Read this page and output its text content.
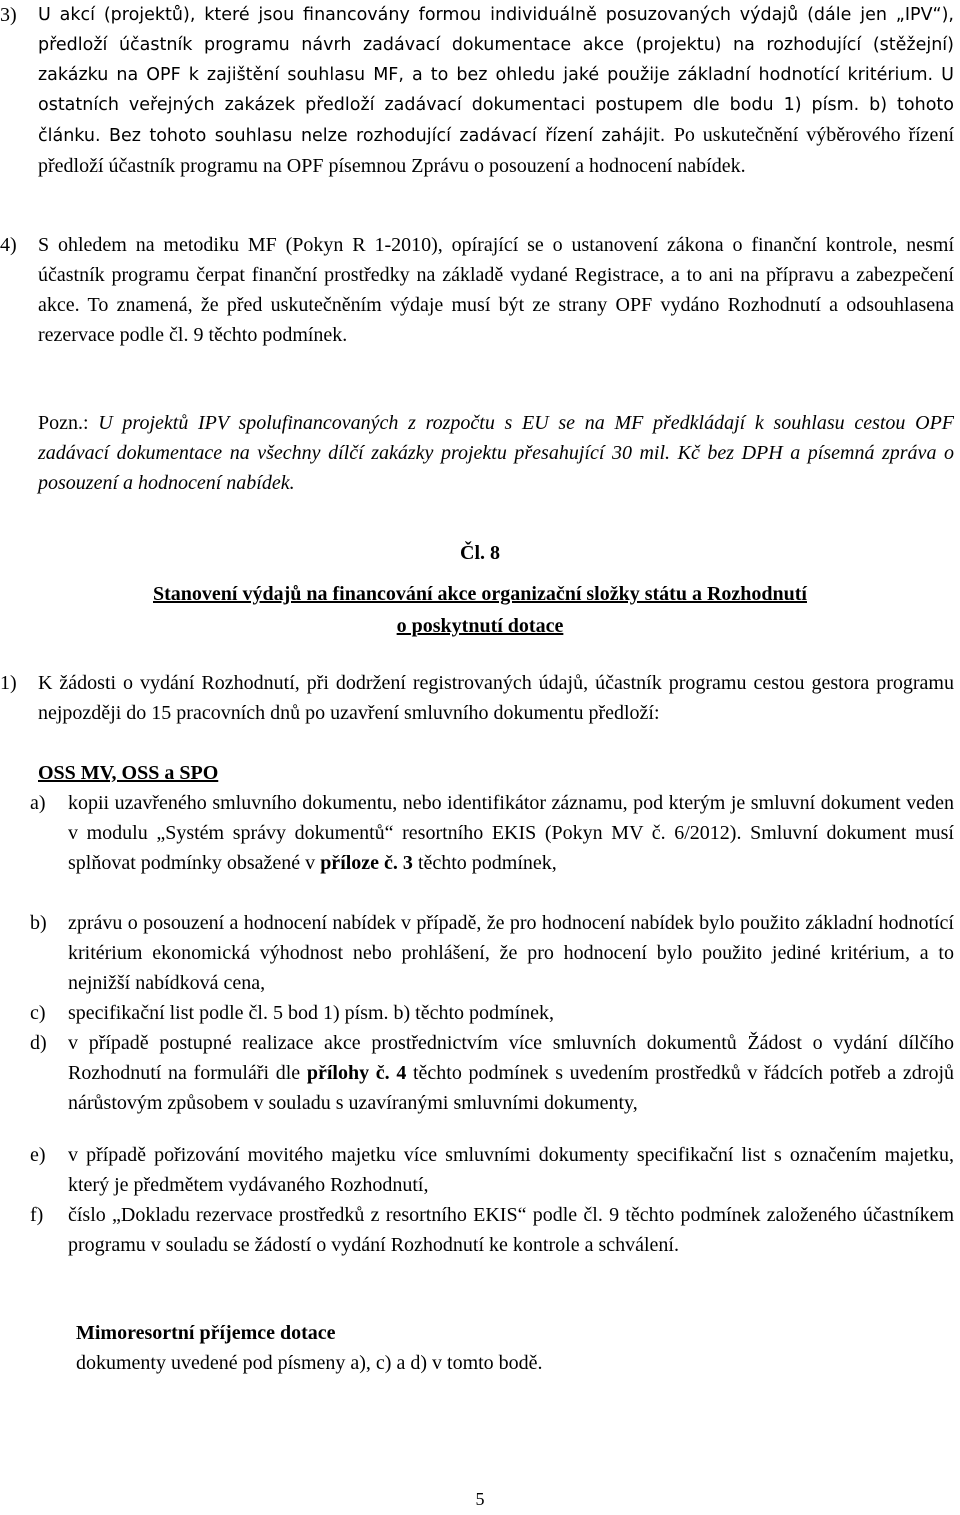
3)	U akcí (projektů), které jsou financovány formou individuálně posuzovaných výdajů (dále jen „IPV“), předloží účastník programu návrh zadávací dokumentace akce (projektu) na rozhodující (stěžejní) zakázku na OPF k zajištění souhlasu MF, a to bez ohledu jaké použije základní hodnotící kritérium. U ostatních veřejných zakázek předloží zadávací dokumentaci postupem dle bodu 1) písm. b) tohoto článku. Bez tohoto souhlasu nelze rozhodující zadávací řízení zahájit. Po uskutečnění výběrového řízení předloží účastník programu na OPF písemnou Zprávu o posouzení a hodnocení nabídek.
4)	S ohledem na metodiku MF (Pokyn R 1-2010), opírající se o ustanovení zákona o finanční kontrole, nesmí účastník programu čerpat finanční prostředky na základě vydané Registrace, a to ani na přípravu a zabezpečení akce. To znamená, že před uskutečněním výdaje musí být ze strany OPF vydáno Rozhodnutí a odsouhlasena rezervace podle čl. 9 těchto podmínek.
Pozn.: U projektů IPV spolufinancovaných z rozpočtu s EU se na MF předkládají k souhlasu cestou OPF zadávací dokumentace na všechny dílčí zakázky projektu přesahující 30 mil. Kč bez DPH a písemná zpráva o posouzení a hodnocení nabídek.
Čl. 8
Stanovení výdajů na financování akce organizační složky státu a Rozhodnutí
o poskytnutí dotace
1)	K žádosti o vydání Rozhodnutí, při dodržení registrovaných údajů, účastník programu cestou gestora programu nejpozději do 15 pracovních dnů po uzavření smluvního dokumentu předloží:
OSS MV, OSS a SPO
a) kopii uzavřeného smluvního dokumentu, nebo identifikátor záznamu, pod kterým je smluvní dokument veden v modulu „Systém správy dokumentů“ resortního EKIS (Pokyn MV č. 6/2012). Smluvní dokument musí splňovat podmínky obsažené v příloze č. 3 těchto podmínek,
b) zprávu o posouzení a hodnocení nabídek v případě, že pro hodnocení nabídek bylo použito základní hodnotící kritérium ekonomická výhodnost nebo prohlášení, že pro hodnocení bylo použito jediné kritérium, a to nejnižší nabídková cena,
c) specifikační list podle čl. 5 bod 1) písm. b) těchto podmínek,
d) v případě postupné realizace akce prostřednictvím více smluvních dokumentů Žádost o vydání dílčího Rozhodnutí na formuláři dle přílohy č. 4 těchto podmínek s uvedením prostředků v řádcích potřeb a zdrojů nárůstovým způsobem v souladu s uzavíranými smluvními dokumenty,
e) v případě pořizování movitého majetku více smluvními dokumenty specifikační list s označením majetku, který je předmětem vydávaného Rozhodnutí,
f) číslo „Dokladu rezervace prostředků z resortního EKIS“ podle čl. 9 těchto podmínek založeného účastníkem programu v souladu se žádostí o vydání Rozhodnutí ke kontrole a schválení.
Mimoresortní příjemce dotace
dokumenty uvedené pod písmeny a), c) a d) v tomto bodě.
5
